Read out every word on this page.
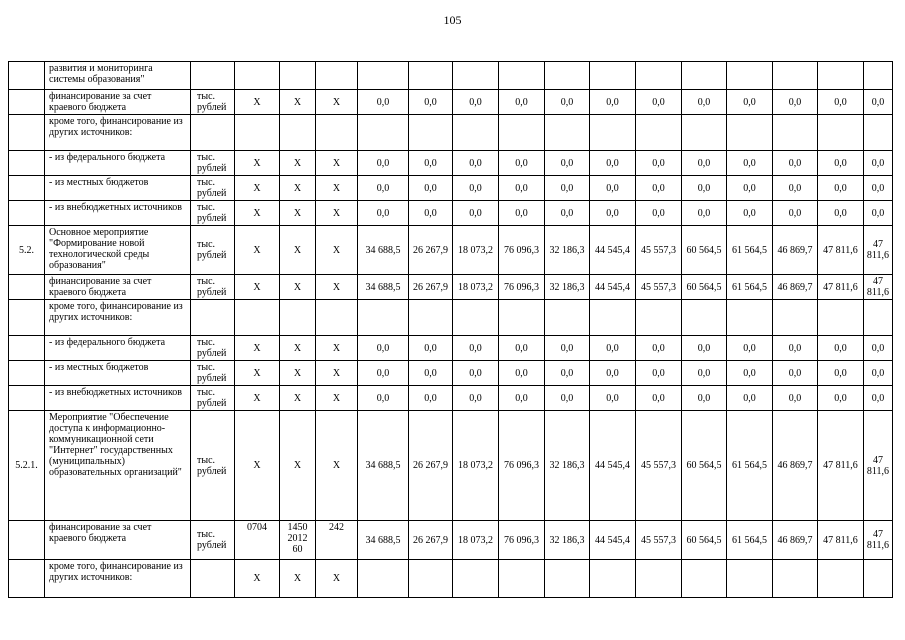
105
	развития и мониторинга системы образования"																
	финансирование за счет краевого бюджета	тыс. рублей	X	X	X	0,0	0,0	0,0	0,0	0,0	0,0	0,0	0,0	0,0	0,0	0,0	0,0
	кроме того, финансирование из других источников:																
	- из федерального бюджета	тыс. рублей	X	X	X	0,0	0,0	0,0	0,0	0,0	0,0	0,0	0,0	0,0	0,0	0,0	0,0
	- из местных бюджетов	тыс. рублей	X	X	X	0,0	0,0	0,0	0,0	0,0	0,0	0,0	0,0	0,0	0,0	0,0	0,0
	- из внебюджетных источников	тыс. рублей	X	X	X	0,0	0,0	0,0	0,0	0,0	0,0	0,0	0,0	0,0	0,0	0,0	0,0
5.2.	Основное мероприятие "Формирование новой технологической среды образования"	тыс. рублей	X	X	X	34 688,5	26 267,9	18 073,2	76 096,3	32 186,3	44 545,4	45 557,3	60 564,5	61 564,5	46 869,7	47 811,6	47 811,6
	финансирование за счет краевого бюджета	тыс. рублей	X	X	X	34 688,5	26 267,9	18 073,2	76 096,3	32 186,3	44 545,4	45 557,3	60 564,5	61 564,5	46 869,7	47 811,6	47 811,6
	кроме того, финансирование из других источников:																
	- из федерального бюджета	тыс. рублей	X	X	X	0,0	0,0	0,0	0,0	0,0	0,0	0,0	0,0	0,0	0,0	0,0	0,0
	- из местных бюджетов	тыс. рублей	X	X	X	0,0	0,0	0,0	0,0	0,0	0,0	0,0	0,0	0,0	0,0	0,0	0,0
	- из внебюджетных источников	тыс. рублей	X	X	X	0,0	0,0	0,0	0,0	0,0	0,0	0,0	0,0	0,0	0,0	0,0	0,0
5.2.1.	Мероприятие "Обеспечение доступа к информационно-коммуникационной сети "Интернет" государственных (муниципальных) образовательных организаций"	тыс. рублей	X	X	X	34 688,5	26 267,9	18 073,2	76 096,3	32 186,3	44 545,4	45 557,3	60 564,5	61 564,5	46 869,7	47 811,6	47 811,6
	финансирование за счет краевого бюджета	тыс. рублей	0704	1450 2012 60	242	34 688,5	26 267,9	18 073,2	76 096,3	32 186,3	44 545,4	45 557,3	60 564,5	61 564,5	46 869,7	47 811,6	47 811,6
	кроме того, финансирование из других источников:		X	X	X												
